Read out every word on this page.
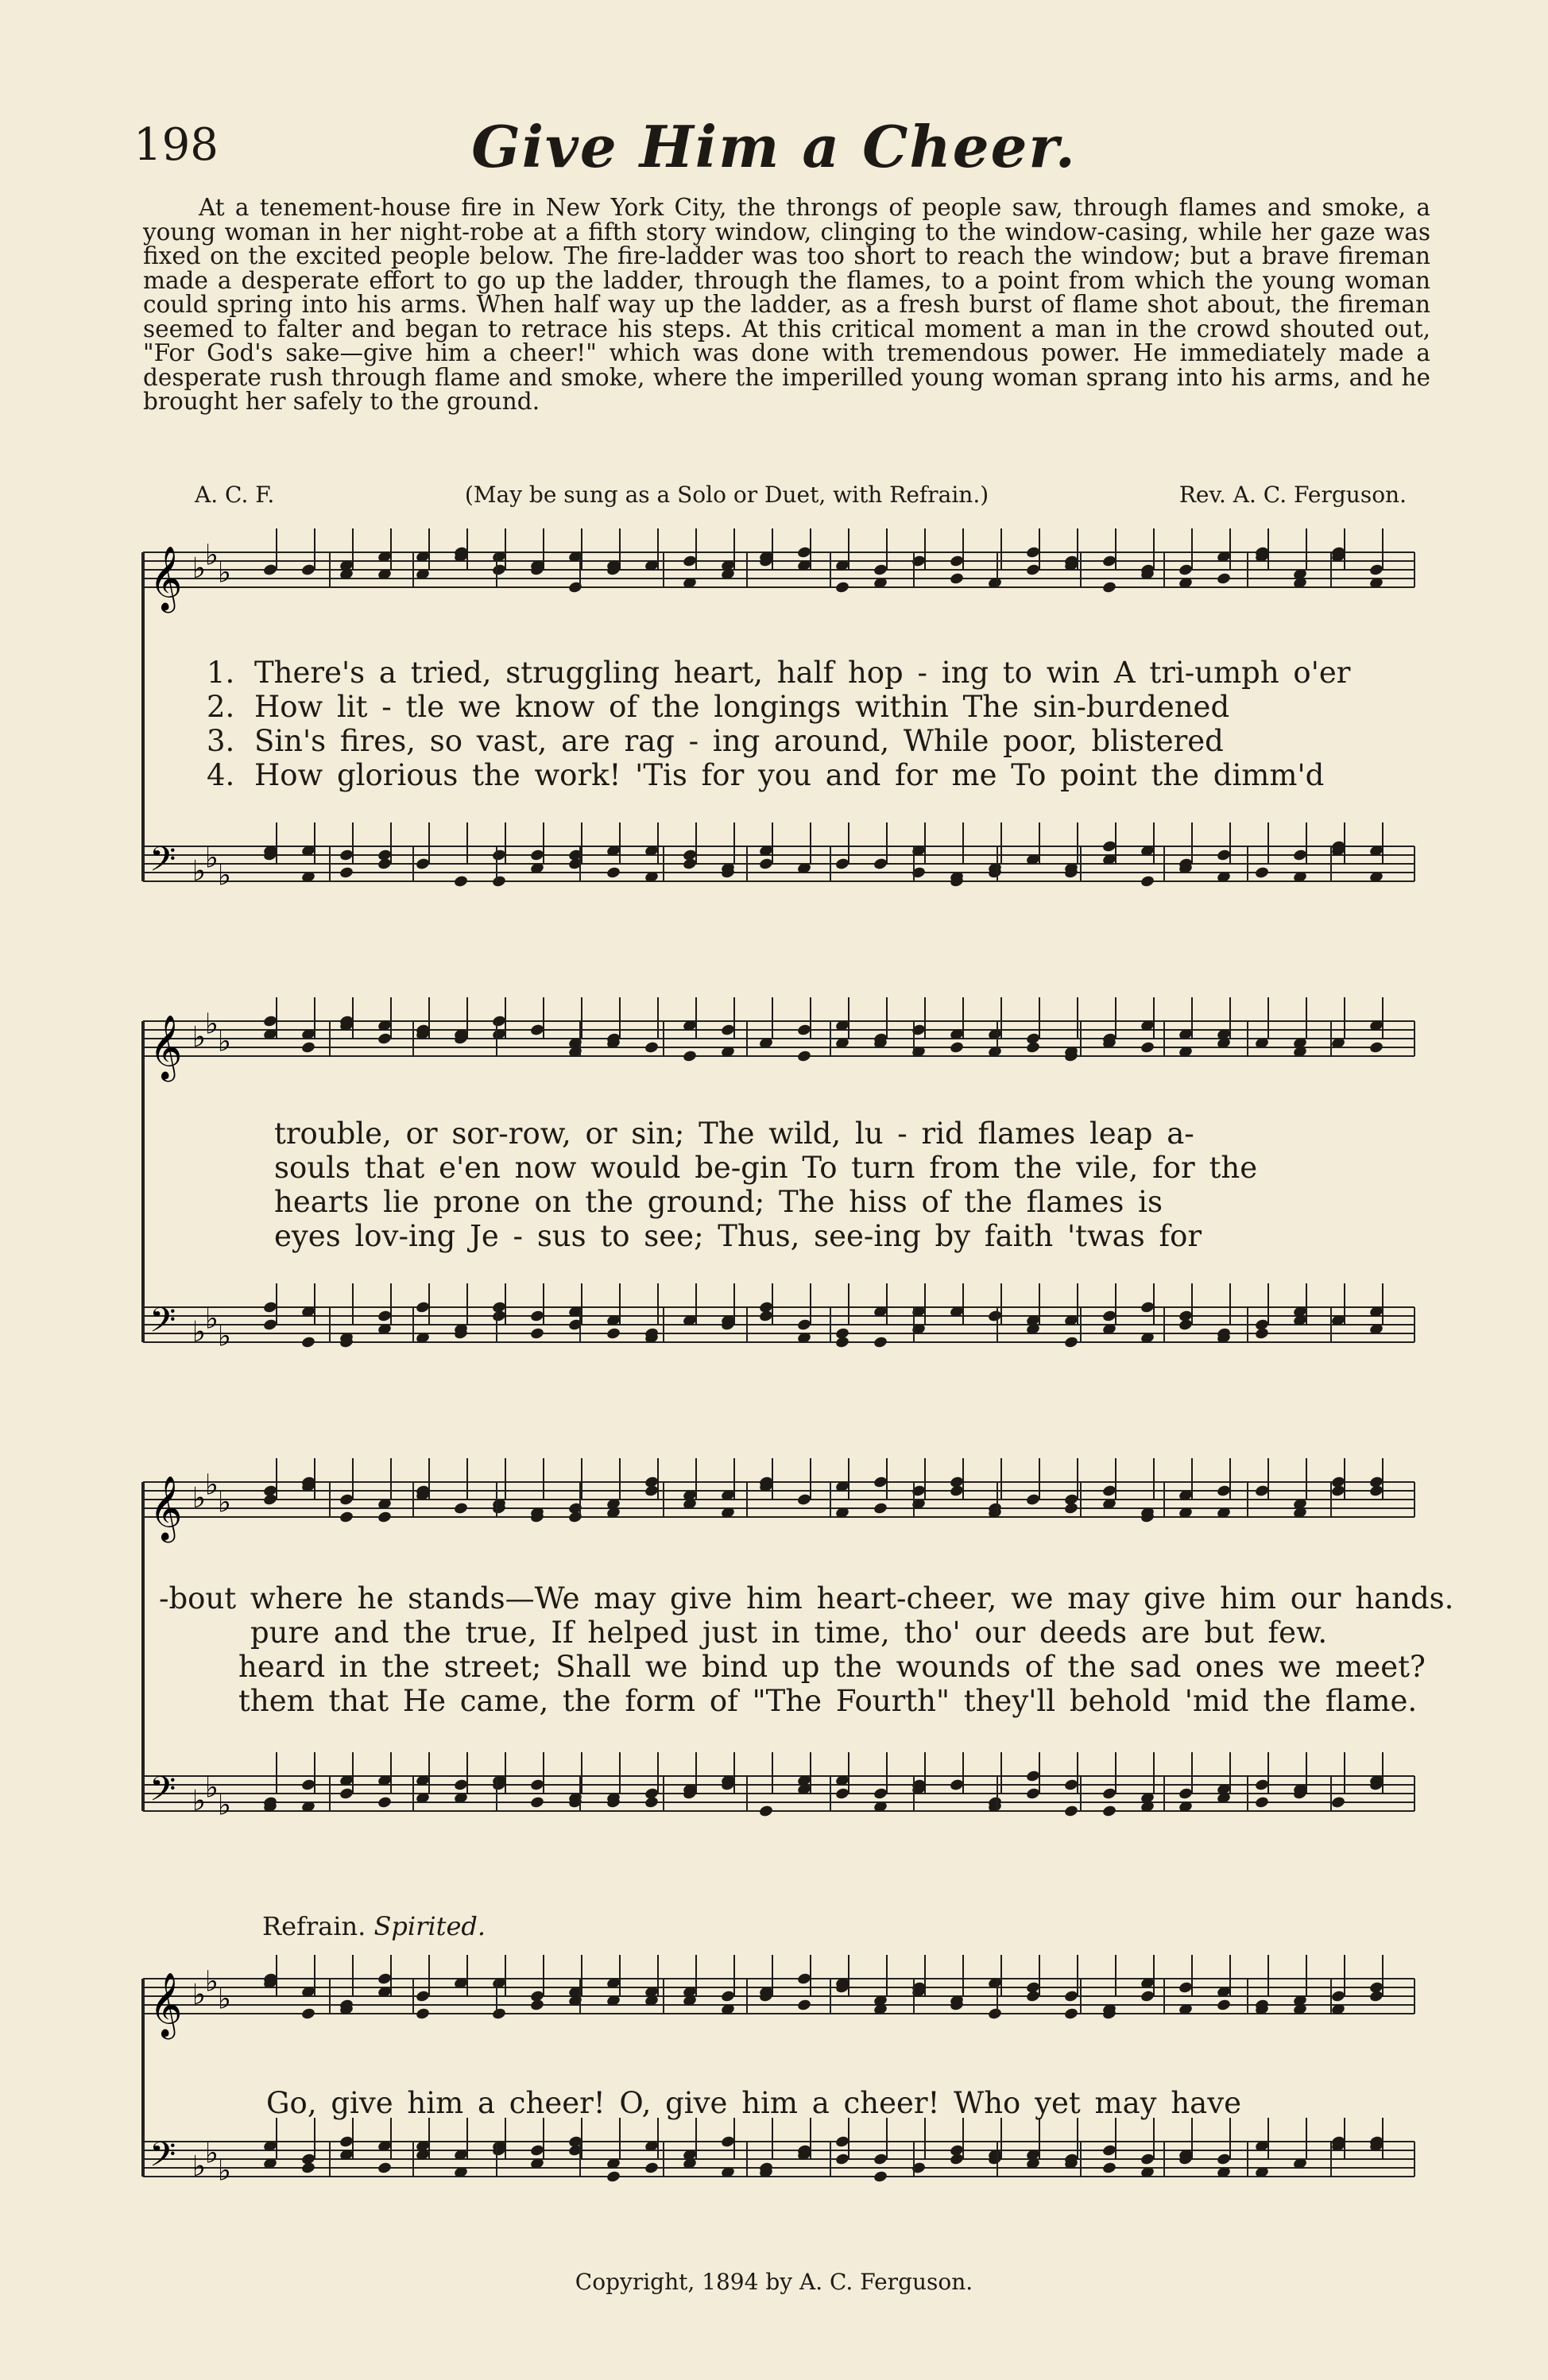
198	Give Him a Cheer.

At a tenement-house fire in New York City, the throngs of people saw, through flames and smoke, a young woman in her night-robe at a fifth story window, clinging to the window-casing, while her gaze was fixed on the excited people below. The fire-ladder was too short to reach the window; but a brave fireman made a desperate effort to go up the ladder, through the flames, to a point from which the young woman could spring into his arms. When half way up the ladder, as a fresh burst of flame shot about, the fireman seemed to falter and began to retrace his steps. At this critical moment a man in the crowd shouted out, "For God's sake—give him a cheer!" which was done with tremendous power. He immediately made a desperate rush through flame and smoke, where the imperilled young woman sprang into his arms, and he brought her safely to the ground.

A. C. F.	(May be sung as a Solo or Duet, with Refrain.)	Rev. A. C. Ferguson.
𝄞
𝄢
♭
♭
♭
♭
♭
♭
1. There's a tried, struggling heart, half hop - ing to win A tri-umph o'er
2. How lit - tle we know of the longings within The sin-burdened
3. Sin's fires, so vast, are rag - ing around, While poor, blistered
4. How glorious the work! 'Tis for you and for me To point the dimm'd
𝄞
𝄢
♭
♭
♭
♭
♭
♭
trouble, or sor-row, or sin; The wild, lu - rid flames leap a-
souls that e'en now would be-gin To turn from the vile, for the
hearts lie prone on the ground; The hiss of the flames is
eyes lov-ing Je - sus to see; Thus, see-ing by faith 'twas for
𝄞
𝄢
♭
♭
♭
♭
♭
♭
-bout where he stands—We may give him heart-cheer, we may give him our hands.
pure and the true, If helped just in time, tho' our deeds are but few.
heard in the street; Shall we bind up the wounds of the sad ones we meet?
them that He came, the form of "The Fourth" they'll behold 'mid the flame.
Refrain. Spirited.
𝄞
𝄢
♭
♭
♭
♭
♭
♭
Go, give him a cheer! O, give him a cheer! Who yet may have
Copyright, 1894 by A. C. Ferguson.
